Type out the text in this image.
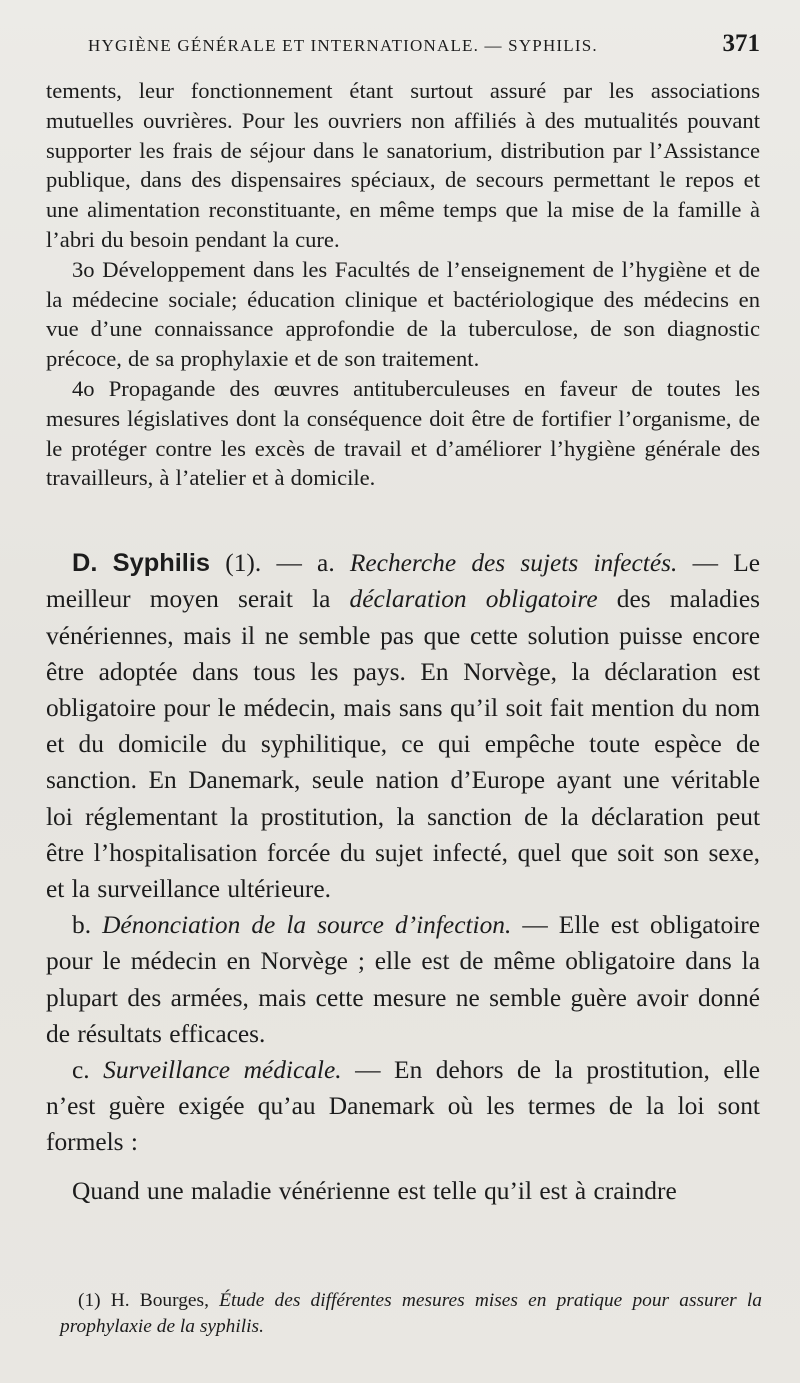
HYGIÈNE GÉNÉRALE ET INTERNATIONALE. — SYPHILIS.	371

tements, leur fonctionnement étant surtout assuré par les associations mutuelles ouvrières. Pour les ouvriers non affiliés à des mutualités pouvant supporter les frais de séjour dans le sanatorium, distribution par l’Assistance publique, dans des dispensaires spéciaux, de secours permettant le repos et une alimentation reconstituante, en même temps que la mise de la famille à l’abri du besoin pendant la cure.

3o Développement dans les Facultés de l’enseignement de l’hygiène et de la médecine sociale; éducation clinique et bactériologique des médecins en vue d’une connaissance approfondie de la tuberculose, de son diagnostic précoce, de sa prophylaxie et de son traitement.

4o Propagande des œuvres antituberculeuses en faveur de toutes les mesures législatives dont la conséquence doit être de fortifier l’organisme, de le protéger contre les excès de travail et d’améliorer l’hygiène générale des travailleurs, à l’atelier et à domicile.

D. Syphilis (1). — a. Recherche des sujets infectés. — Le meilleur moyen serait la déclaration obligatoire des maladies vénériennes, mais il ne semble pas que cette solution puisse encore être adoptée dans tous les pays. En Norvège, la déclaration est obligatoire pour le médecin, mais sans qu’il soit fait mention du nom et du domicile du syphilitique, ce qui empêche toute espèce de sanction. En Danemark, seule nation d’Europe ayant une véritable loi réglementant la prostitution, la sanction de la déclaration peut être l’hospitalisation forcée du sujet infecté, quel que soit son sexe, et la surveillance ultérieure.

b. Dénonciation de la source d’infection. — Elle est obligatoire pour le médecin en Norvège ; elle est de même obligatoire dans la plupart des armées, mais cette mesure ne semble guère avoir donné de résultats efficaces.

c. Surveillance médicale. — En dehors de la prostitution, elle n’est guère exigée qu’au Danemark où les termes de la loi sont formels :

Quand une maladie vénérienne est telle qu’il est à craindre

(1) H. Bourges, Étude des différentes mesures mises en pratique pour assurer la prophylaxie de la syphilis.
